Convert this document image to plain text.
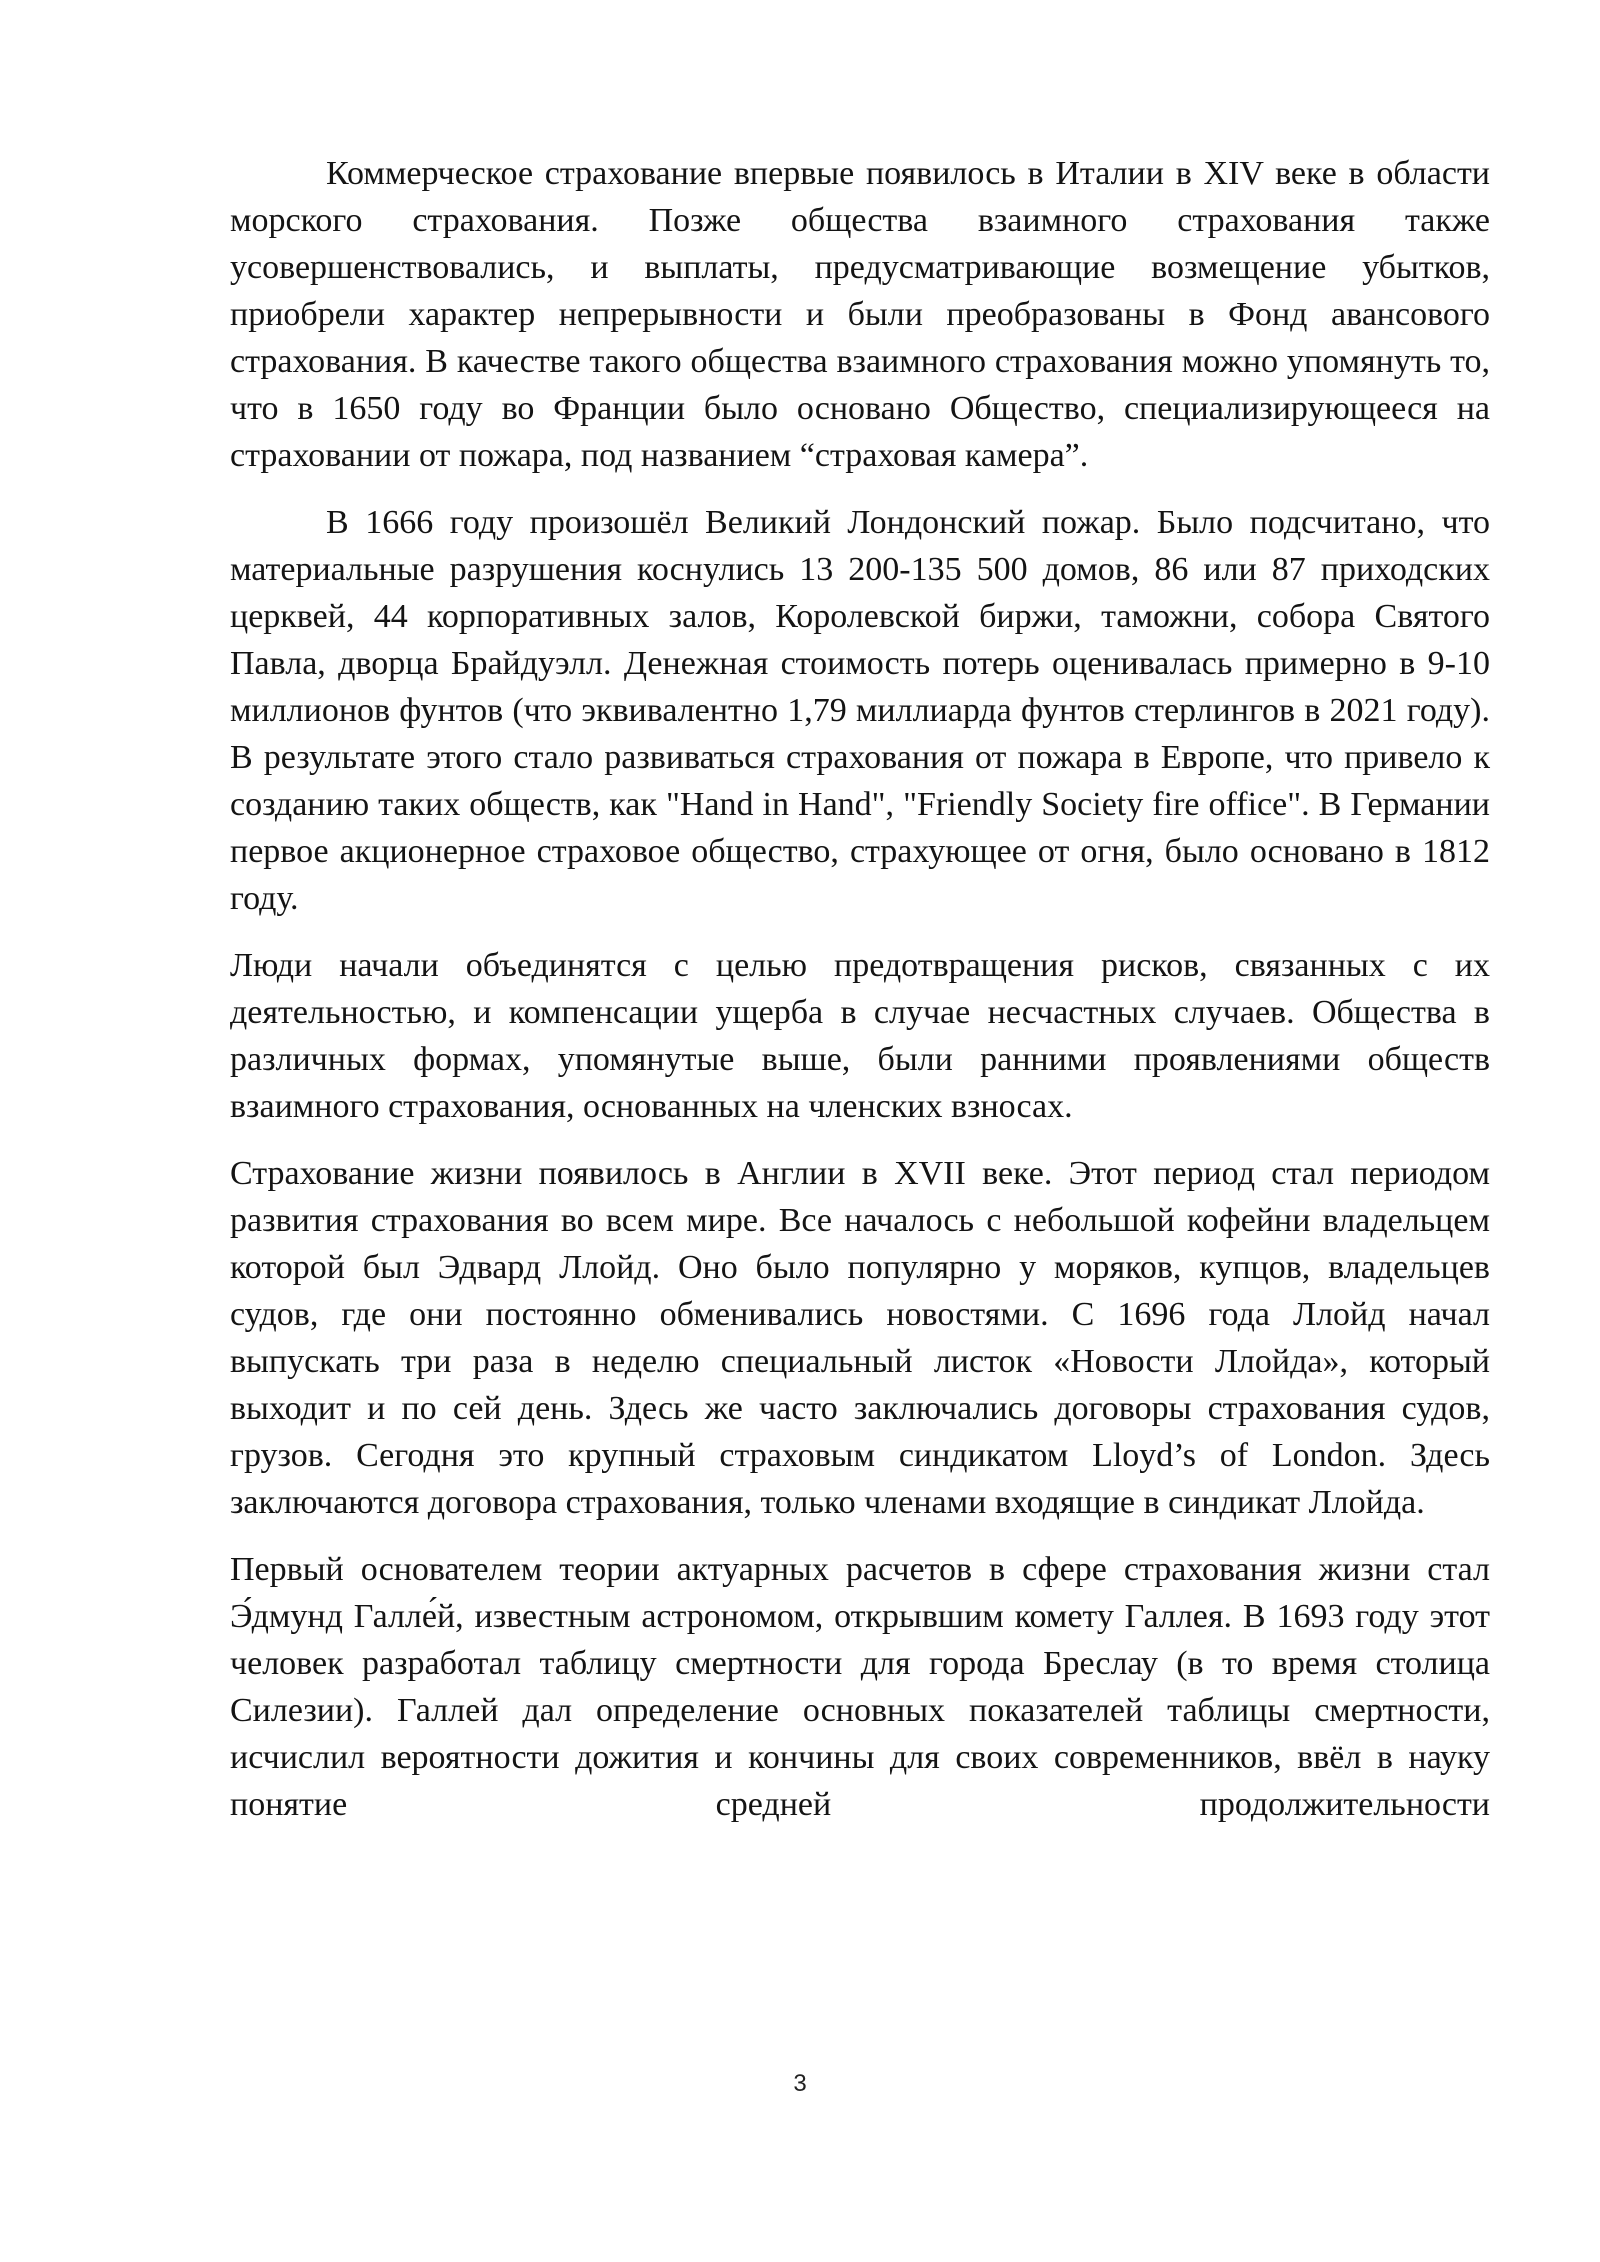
Коммерческое страхование впервые появилось в Италии в XIV веке в области морского страхования. Позже общества взаимного страхования также усовершенствовались, и выплаты, предусматривающие возмещение убытков, приобрели характер непрерывности и были преобразованы в Фонд авансового страхования. В качестве такого общества взаимного страхования можно упомянуть то, что в 1650 году во Франции было основано Общество, специализирующееся на страховании от пожара, под названием “страховая камера”.

В 1666 году произошёл Великий Лондонский пожар. Было подсчитано, что материальные разрушения коснулись 13 200-135 500 домов, 86 или 87 приходских церквей, 44 корпоративных залов, Королевской биржи, таможни, собора Святого Павла, дворца Брайдуэлл. Денежная стоимость потерь оценивалась примерно в 9-10 миллионов фунтов (что эквивалентно 1,79 миллиарда фунтов стерлингов в 2021 году). В результате этого стало развиваться страхования от пожара в Европе, что привело к созданию таких обществ, как "Hand in Hand", "Friendly Society fire office". В Германии первое акционерное страховое общество, страхующее от огня, было основано в 1812 году.

Люди начали объединятся с целью предотвращения рисков, связанных с их деятельностью, и компенсации ущерба в случае несчастных случаев. Общества в различных формах, упомянутые выше, были ранними проявлениями обществ взаимного страхования, основанных на членских взносах.

Страхование жизни появилось в Англии в XVII веке. Этот период стал периодом развития страхования во всем мире. Все началось с небольшой кофейни владельцем которой был Эдвард Ллойд. Оно было популярно у моряков, купцов, владельцев судов, где они постоянно обменивались новостями. С 1696 года Ллойд начал выпускать три раза в неделю специальный листок «Новости Ллойда», который выходит и по сей день. Здесь же часто заключались договоры страхования судов, грузов. Сегодня это крупный страховым синдикатом Lloyd’s of London. Здесь заключаются договора страхования, только членами входящие в синдикат Ллойда.

Первый основателем теории актуарных расчетов в сфере страхования жизни стал Э́дмунд Галле́й, известным астрономом, открывшим комету Галлея. В 1693 году этот человек разработал таблицу смертности для города Бреслау (в то время столица Силезии). Галлей дал определение основных показателей таблицы смертности, исчислил вероятности дожития и кончины для своих современников, ввёл в науку понятие средней продолжительности

3
